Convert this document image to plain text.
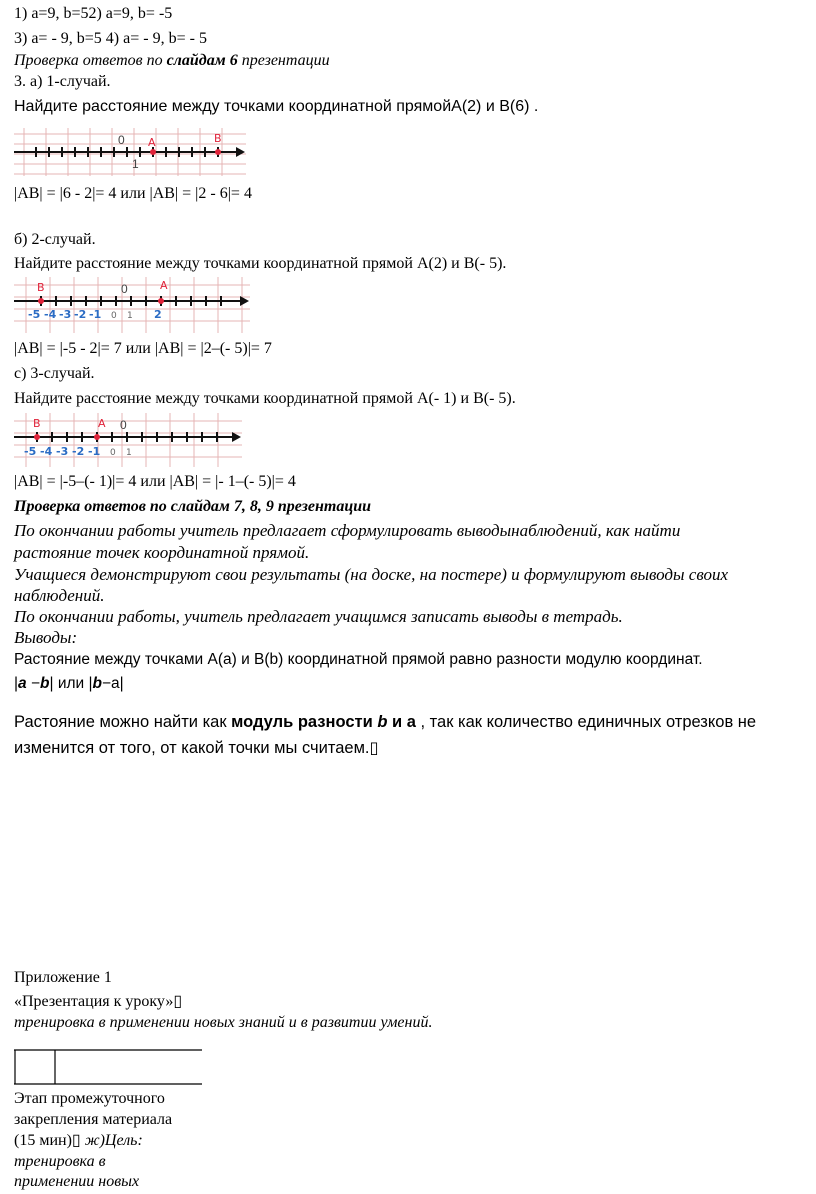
1) а=9, b=52) а=9, b= -5
3) а= - 9, b=5 4) а= - 9, b= - 5
Проверка ответов по слайдам 6 презентации
3. а) 1-случай.
Найдите расстояние между точками координатной прямойА(2) и В(6) .
0
1
A	B
|AB| = |6 - 2|= 4 или |AB| = |2 - 6|= 4
б) 2-случай.
Найдите расстояние между точками координатной прямой А(2) и В(- 5).
B	A
0
-5 -4 -3 -2 -1 0 1 2
|AB| = |-5 - 2|= 7 или |AB| = |2–(- 5)|= 7
с) 3-случай.
Найдите расстояние между точками координатной прямой А(- 1) и В(- 5).
B	A 0
-5 -4 -3 -2 -1 0 1
|AB| = |-5–(- 1)|= 4 или |AB| = |- 1–(- 5)|= 4
Проверка ответов по слайдам 7, 8, 9 презентации
По окончании работы учитель предлагает сформулировать выводынаблюдений, как найти
растояние точек координатной прямой.
Учащиеся демонстрируют свои результаты (на доске, на постере) и формулируют выводы своих
наблюдений.
По окончании работы, учитель предлагает учащимся записать выводы в тетрадь.
Выводы:
Растояние между точками А(а) и В(b) координатной прямой равно разности модулю координат.
|a −b| или |b−a|
Растояние можно найти как модуль разности b и a , так как количество единичных отрезков не
изменится от того, от какой точки мы считаем.▯
Приложение 1
«Презентация к уроку»▯
тренировка в применении новых знаний и в развитии умений.
Этап промежуточного
закрепления материала
(15 мин)▯ ж)Цель:
тренировка в
применении новых
